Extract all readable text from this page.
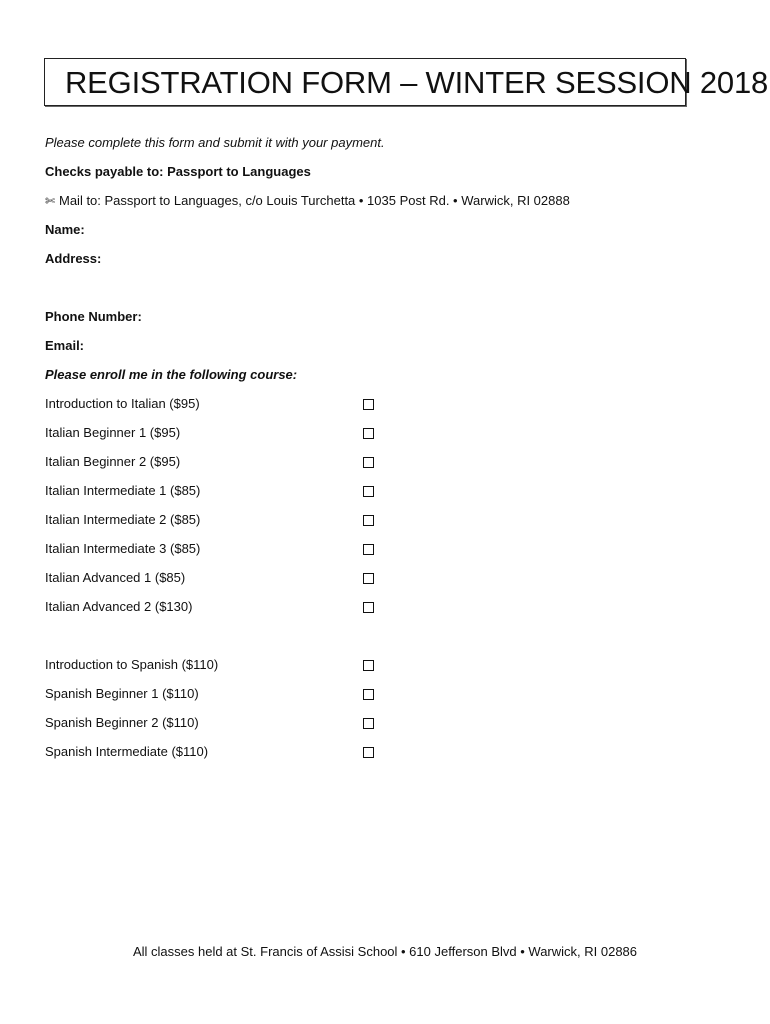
REGISTRATION FORM – WINTER SESSION 2018
Please complete this form and submit it with your payment.
Checks payable to: Passport to Languages
✄ Mail to: Passport to Languages, c/o Louis Turchetta • 1035 Post Rd. • Warwick, RI 02888
Name:
Address:
Phone Number:
Email:
Please enroll me in the following course:
Introduction to Italian ($95)
Italian Beginner 1 ($95)
Italian Beginner 2 ($95)
Italian Intermediate 1 ($85)
Italian Intermediate 2 ($85)
Italian Intermediate 3 ($85)
Italian Advanced 1 ($85)
Italian Advanced 2 ($130)
Introduction to Spanish ($110)
Spanish Beginner 1 ($110)
Spanish Beginner 2 ($110)
Spanish Intermediate ($110)
All classes held at St. Francis of Assisi School • 610 Jefferson Blvd • Warwick, RI 02886
